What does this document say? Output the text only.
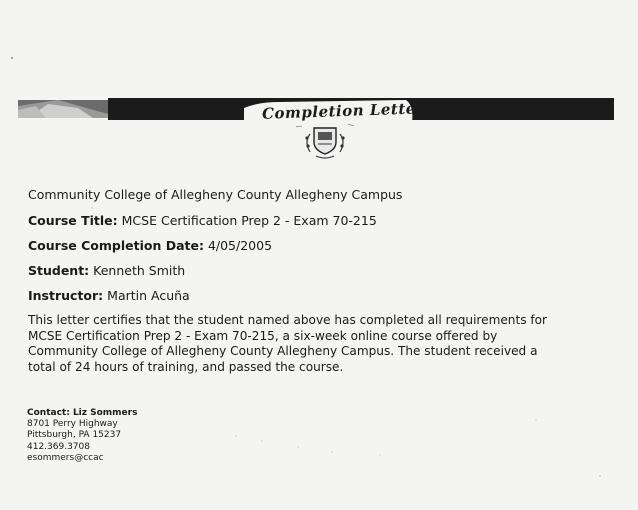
Completion Letter
Community College of Allegheny County Allegheny Campus
Course Title: MCSE Certification Prep 2 - Exam 70-215
Course Completion Date: 4/05/2005
Student: Kenneth Smith
Instructor: Martin Acuña
This letter certifies that the student named above has completed all requirements for
MCSE Certification Prep 2 - Exam 70-215, a six-week online course offered by
Community College of Allegheny County Allegheny Campus. The student received a
total of 24 hours of training, and passed the course.
Contact: Liz Sommers
8701 Perry Highway
Pittsburgh, PA 15237
412.369.3708
esommers@ccac
